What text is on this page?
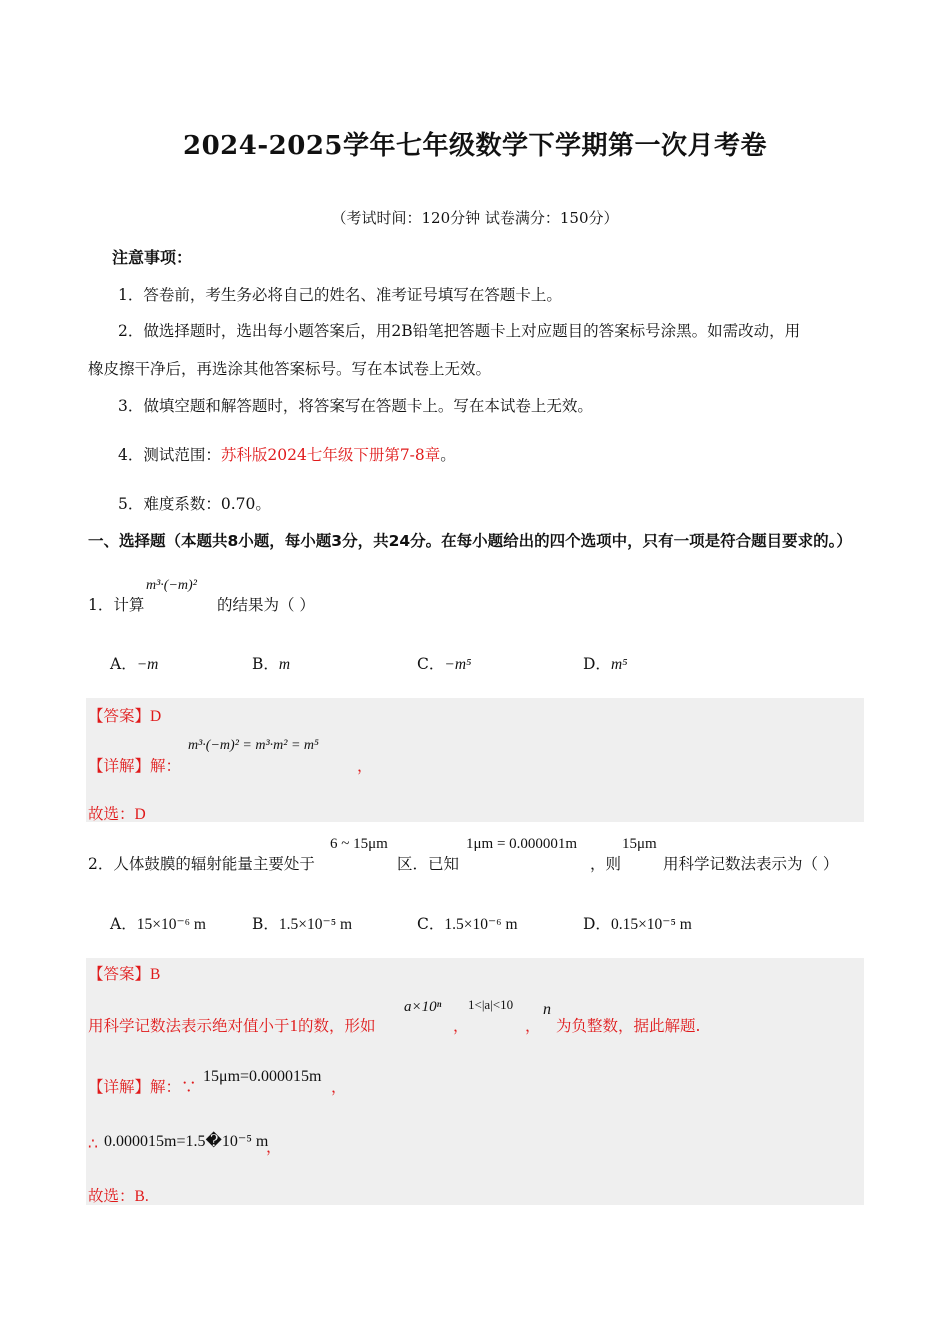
2024-2025学年七年级数学下学期第一次月考卷
（考试时间：120分钟 试卷满分：150分）
注意事项：
1．答卷前，考生务必将自己的姓名、准考证号填写在答题卡上。
2．做选择题时，选出每小题答案后，用2B铅笔把答题卡上对应题目的答案标号涂黑。如需改动，用
橡皮擦干净后，再选涂其他答案标号。写在本试卷上无效。
3．做填空题和解答题时，将答案写在答题卡上。写在本试卷上无效。
4．测试范围：苏科版2024七年级下册第7-8章。
5．难度系数：0.70。
一、选择题（本题共8小题，每小题3分，共24分。在每小题给出的四个选项中，只有一项是符合题目要求的。）
1．计算
m³·(−m)²
的结果为（ ）
A．−m	B．m	C．−m⁵	D．m⁵
【答案】D
【详解】解：
m³·(−m)² = m³·m² = m⁵
，
故选：D
2．人体鼓膜的辐射能量主要处于
6 ~ 15μm
区．已知
1μm = 0.000001m
，则
15μm
用科学记数法表示为（ ）
A．15×10⁻⁶ m	B．1.5×10⁻⁵ m	C．1.5×10⁻⁶ m	D．0.15×10⁻⁵ m
【答案】B
用科学记数法表示绝对值小于1的数，形如
a×10ⁿ
，
1<|a|<10
，
n
为负整数，据此解题.
【详解】解：∵
15μm=0.000015m
，
∴ 0.000015m=1.5�10⁻⁵ m
，
故选：B.
